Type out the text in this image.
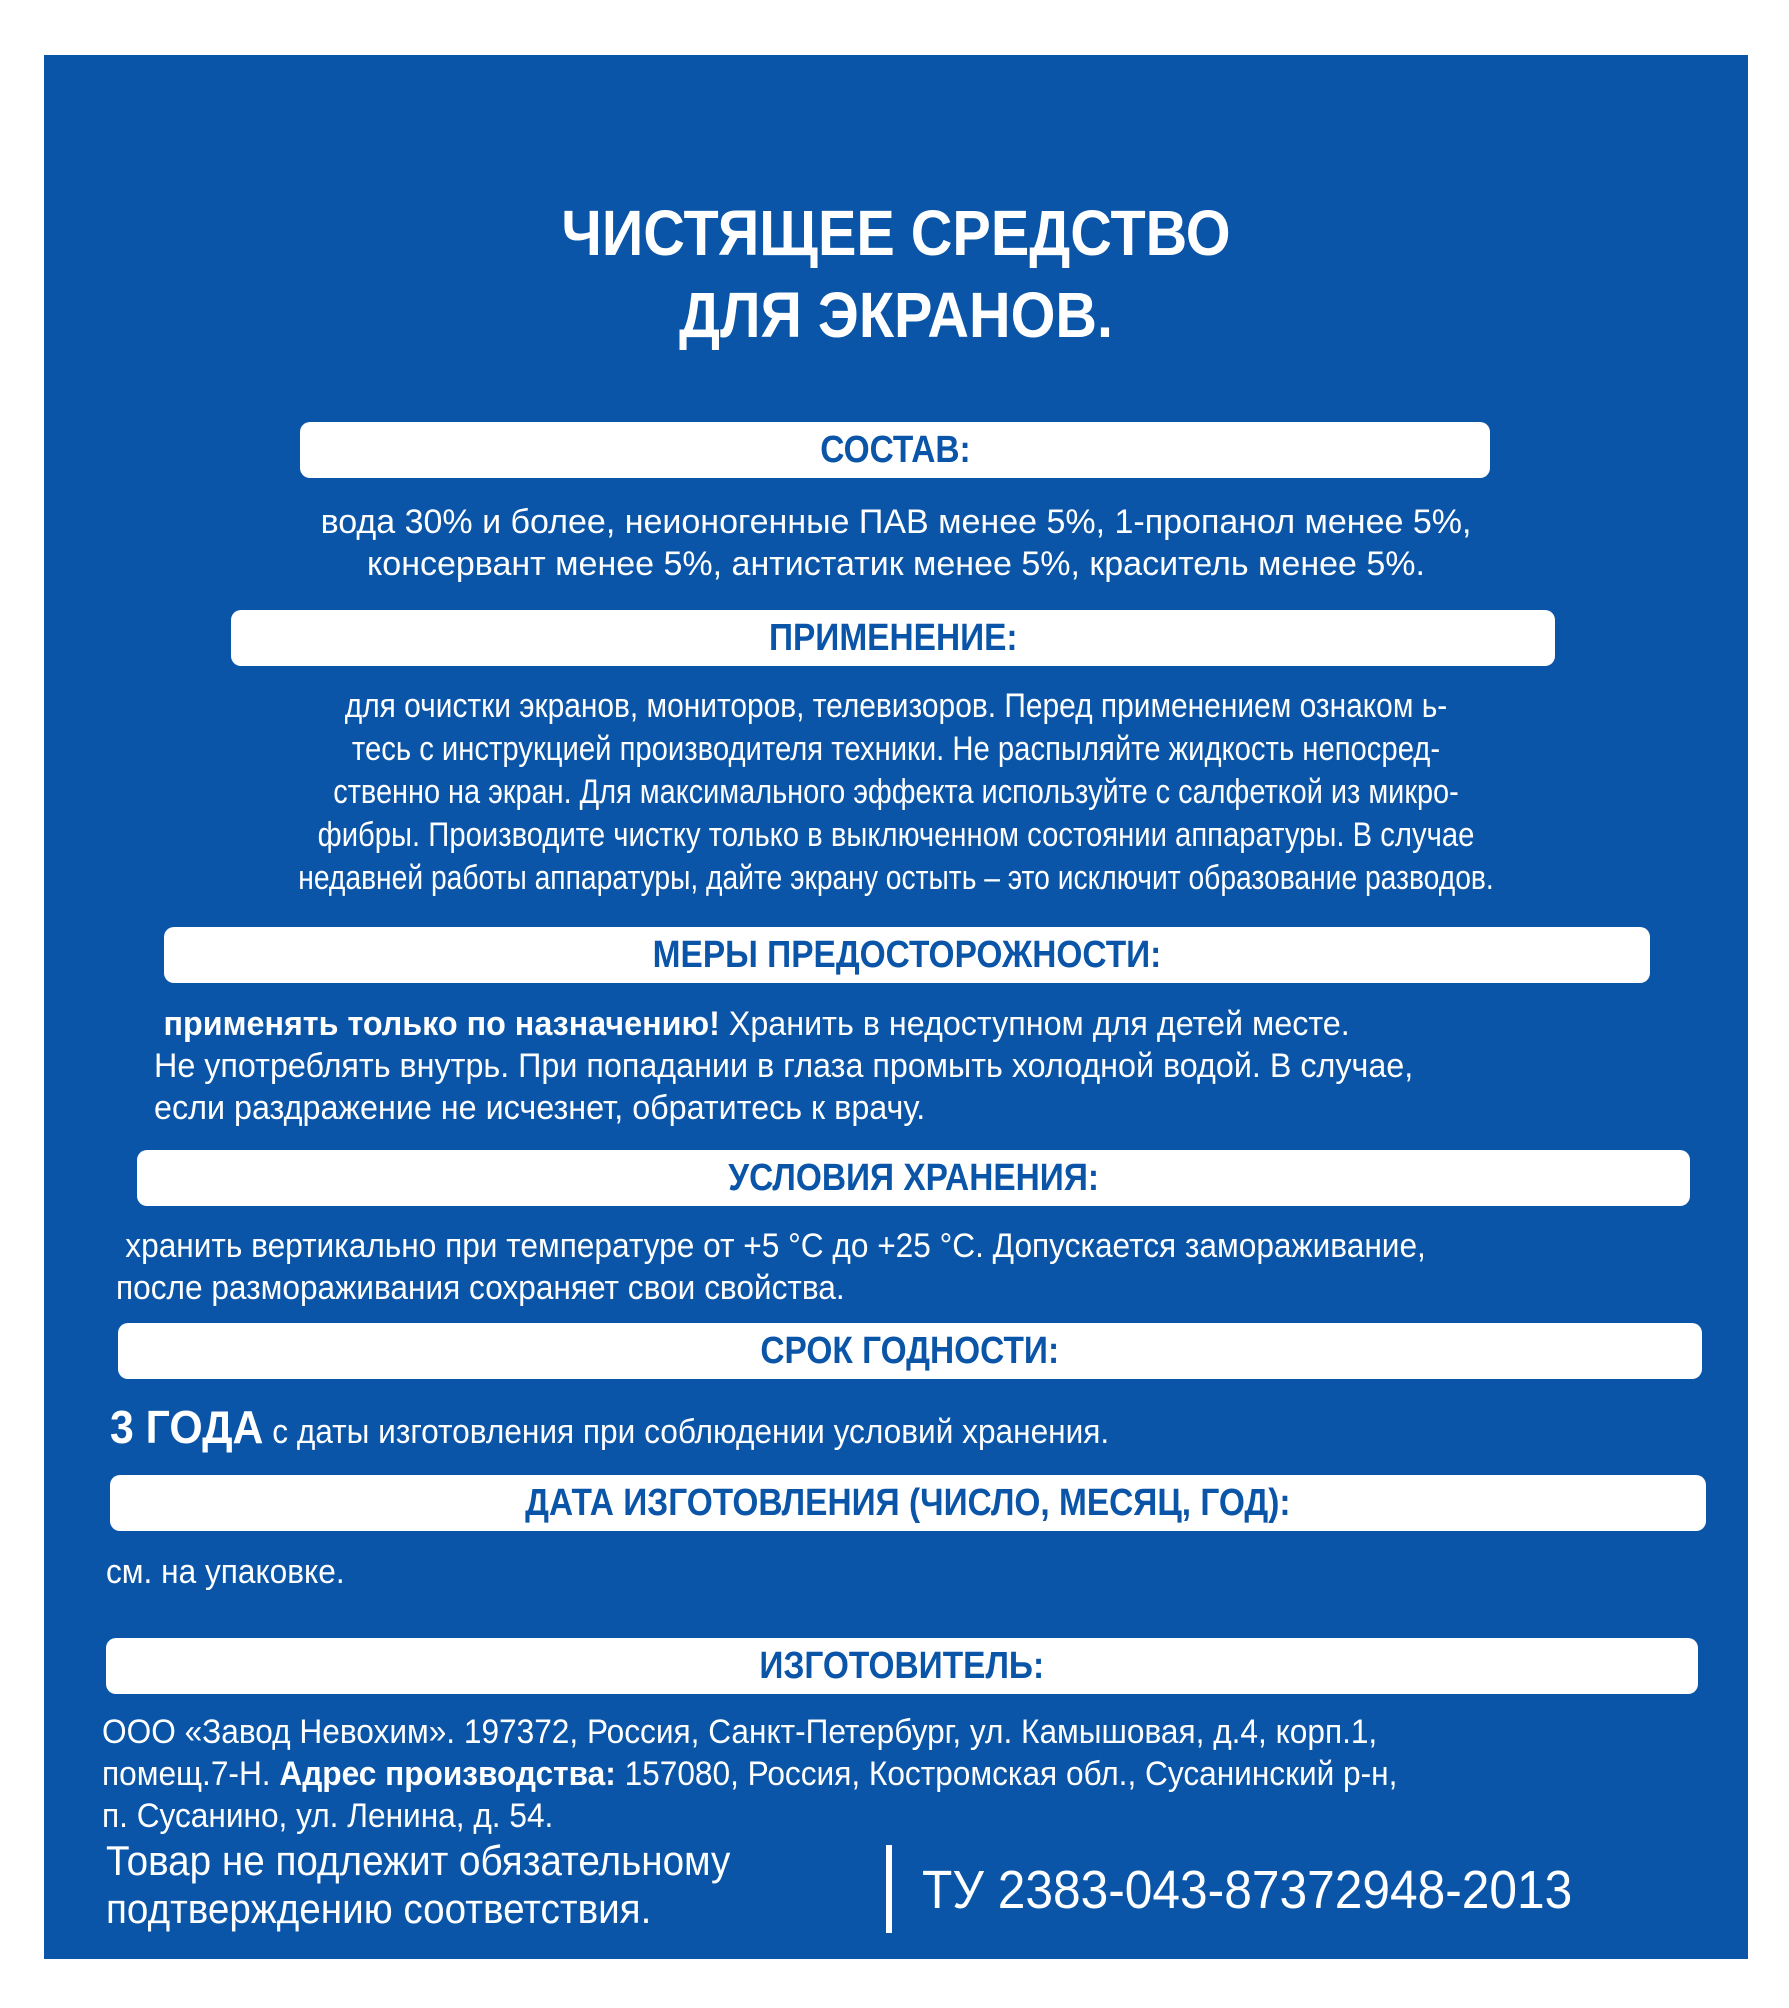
ЧИСТЯЩЕЕ СРЕДСТВО
ДЛЯ ЭКРАНОВ.
СОСТАВ:
вода 30% и более, неионогенные ПАВ менее 5%, 1-пропанол менее 5%,
консервант менее 5%, антистатик менее 5%, краситель менее 5%.
ПРИМЕНЕНИЕ:
для очистки экранов, мониторов, телевизоров. Перед применением ознаком ь-
тесь с инструкцией производителя техники. Не распыляйте жидкость непосред-
ственно на экран. Для максимального эффекта используйте с салфеткой из микро-
фибры. Производите чистку только в выключенном состоянии аппаратуры. В случае
недавней работы аппаратуры, дайте экрану остыть – это исключит образование разводов.
МЕРЫ ПРЕДОСТОРОЖНОСТИ:
применять только по назначению! Хранить в недоступном для детей месте.
Не употреблять внутрь. При попадании в глаза промыть холодной водой. В случае,
если раздражение не исчезнет, обратитесь к врачу.
УСЛОВИЯ ХРАНЕНИЯ:
хранить вертикально при температуре от +5 °С до +25 °С. Допускается замораживание,
после размораживания сохраняет свои свойства.
СРОК ГОДНОСТИ:
3 ГОДА с даты изготовления при соблюдении условий хранения.
ДАТА ИЗГОТОВЛЕНИЯ (ЧИСЛО, МЕСЯЦ, ГОД):
см. на упаковке.
ИЗГОТОВИТЕЛЬ:
ООО «Завод Невохим». 197372, Россия, Санкт-Петербург, ул. Камышовая, д.4, корп.1,
помещ.7-Н. Адрес производства: 157080, Россия, Костромская обл., Сусанинский р-н,
п. Сусанино, ул. Ленина, д. 54.
Товар не подлежит обязательному
подтверждению соответствия.	ТУ 2383-043-87372948-2013
